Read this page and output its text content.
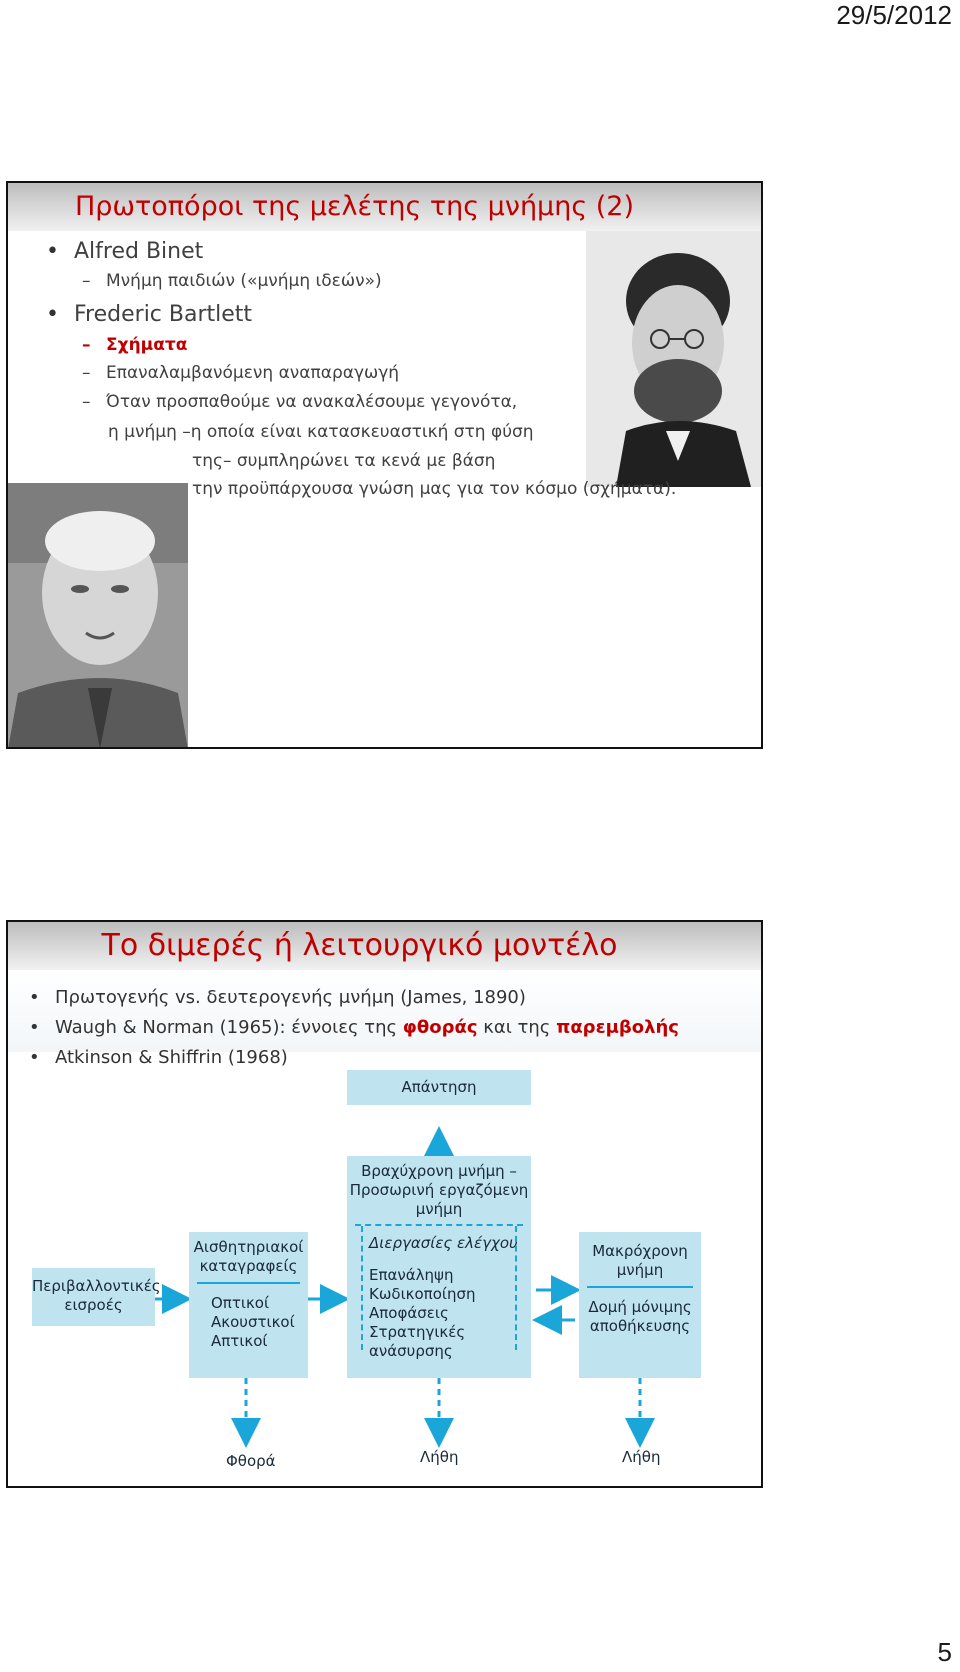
29/5/2012
Πρωτοπόροι της μελέτης της μνήμης (2)
• Alfred Binet
– Μνήμη παιδιών («μνήμη ιδεών»)
• Frederic Bartlett
– Σχήματα
– Επαναλαμβανόμενη αναπαραγωγή
– Όταν προσπαθούμε να ανακαλέσουμε γεγονότα,
η μνήμη –η οποία είναι κατασκευαστική στη φύση
της– συμπληρώνει τα κενά με βάση
την προϋπάρχουσα γνώση μας για τον κόσμο (σχήματα).
Το διμερές ή λειτουργικό μοντέλο
• Πρωτογενής vs. δευτερογενής μνήμη (James, 1890)
• Waugh & Norman (1965): έννοιες της φθοράς και της παρεμβολής
• Atkinson & Shiffrin (1968)
Απάντηση
Βραχύχρονη μνήμη –
Προσωρινή εργαζόμενη
μνήμη
Διεργασίες ελέγχου
Επανάληψη
Κωδικοποίηση
Αποφάσεις
Στρατηγικές ανάσυρσης
Περιβαλλοντικές
εισροές
Αισθητηριακοί
καταγραφείς
Οπτικοί
Ακουστικοί
Απτικοί
Μακρόχρονη
μνήμη
Δομή μόνιμης
αποθήκευσης
Φθορά	Λήθη	Λήθη
5
